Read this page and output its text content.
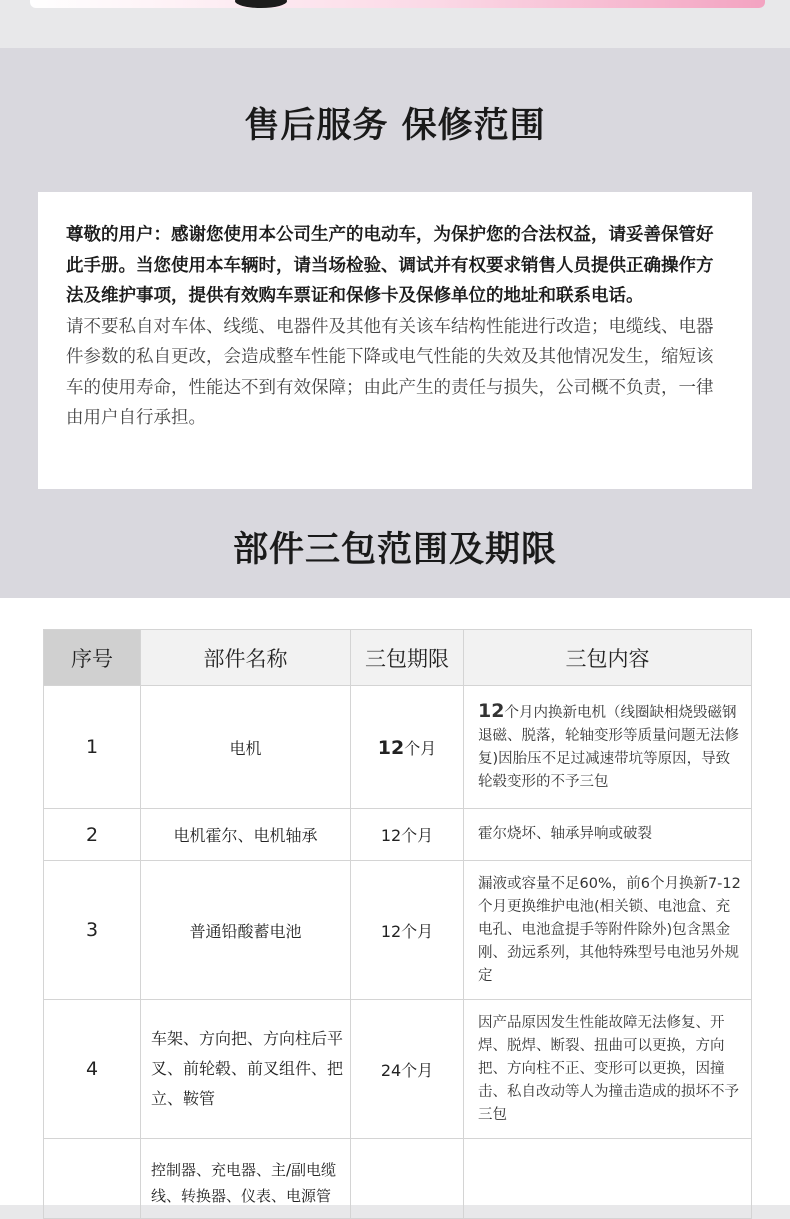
售后服务 保修范围
尊敬的用户：感谢您使用本公司生产的电动车，为保护您的合法权益，请妥善保管好此手册。当您使用本车辆时，请当场检验、调试并有权要求销售人员提供正确操作方法及维护事项，提供有效购车票证和保修卡及保修单位的地址和联系电话。
请不要私自对车体、线缆、电器件及其他有关该车结构性能进行改造；电缆线、电器件参数的私自更改，会造成整车性能下降或电气性能的失效及其他情况发生，缩短该车的使用寿命，性能达不到有效保障；由此产生的责任与损失，公司概不负责，一律由用户自行承担。
部件三包范围及期限
序号	部件名称	三包期限	三包内容
1	电机	12个月	12个月内换新电机（线圈缺相烧毁磁钢退磁、脱落，轮轴变形等质量问题无法修复)因胎压不足过减速带坑等原因，导致轮毂变形的不予三包
2	电机霍尔、电机轴承	12个月	霍尔烧坏、轴承异响或破裂
3	普通铅酸蓄电池	12个月	漏液或容量不足60%，前6个月换新7-12个月更换维护电池(相关锁、电池盒、充电孔、电池盒提手等附件除外)包含黑金刚、劲远系列，其他特殊型号电池另外规定
4	车架、方向把、方向柱后平叉、前轮毂、前叉组件、把立、鞍管	24个月	因产品原因发生性能故障无法修复、开焊、脱焊、断裂、扭曲可以更换，方向把、方向柱不正、变形可以更换，因撞击、私自改动等人为撞击造成的损坏不予三包
	控制器、充电器、主/副电缆线、转换器、仪表、电源管		
